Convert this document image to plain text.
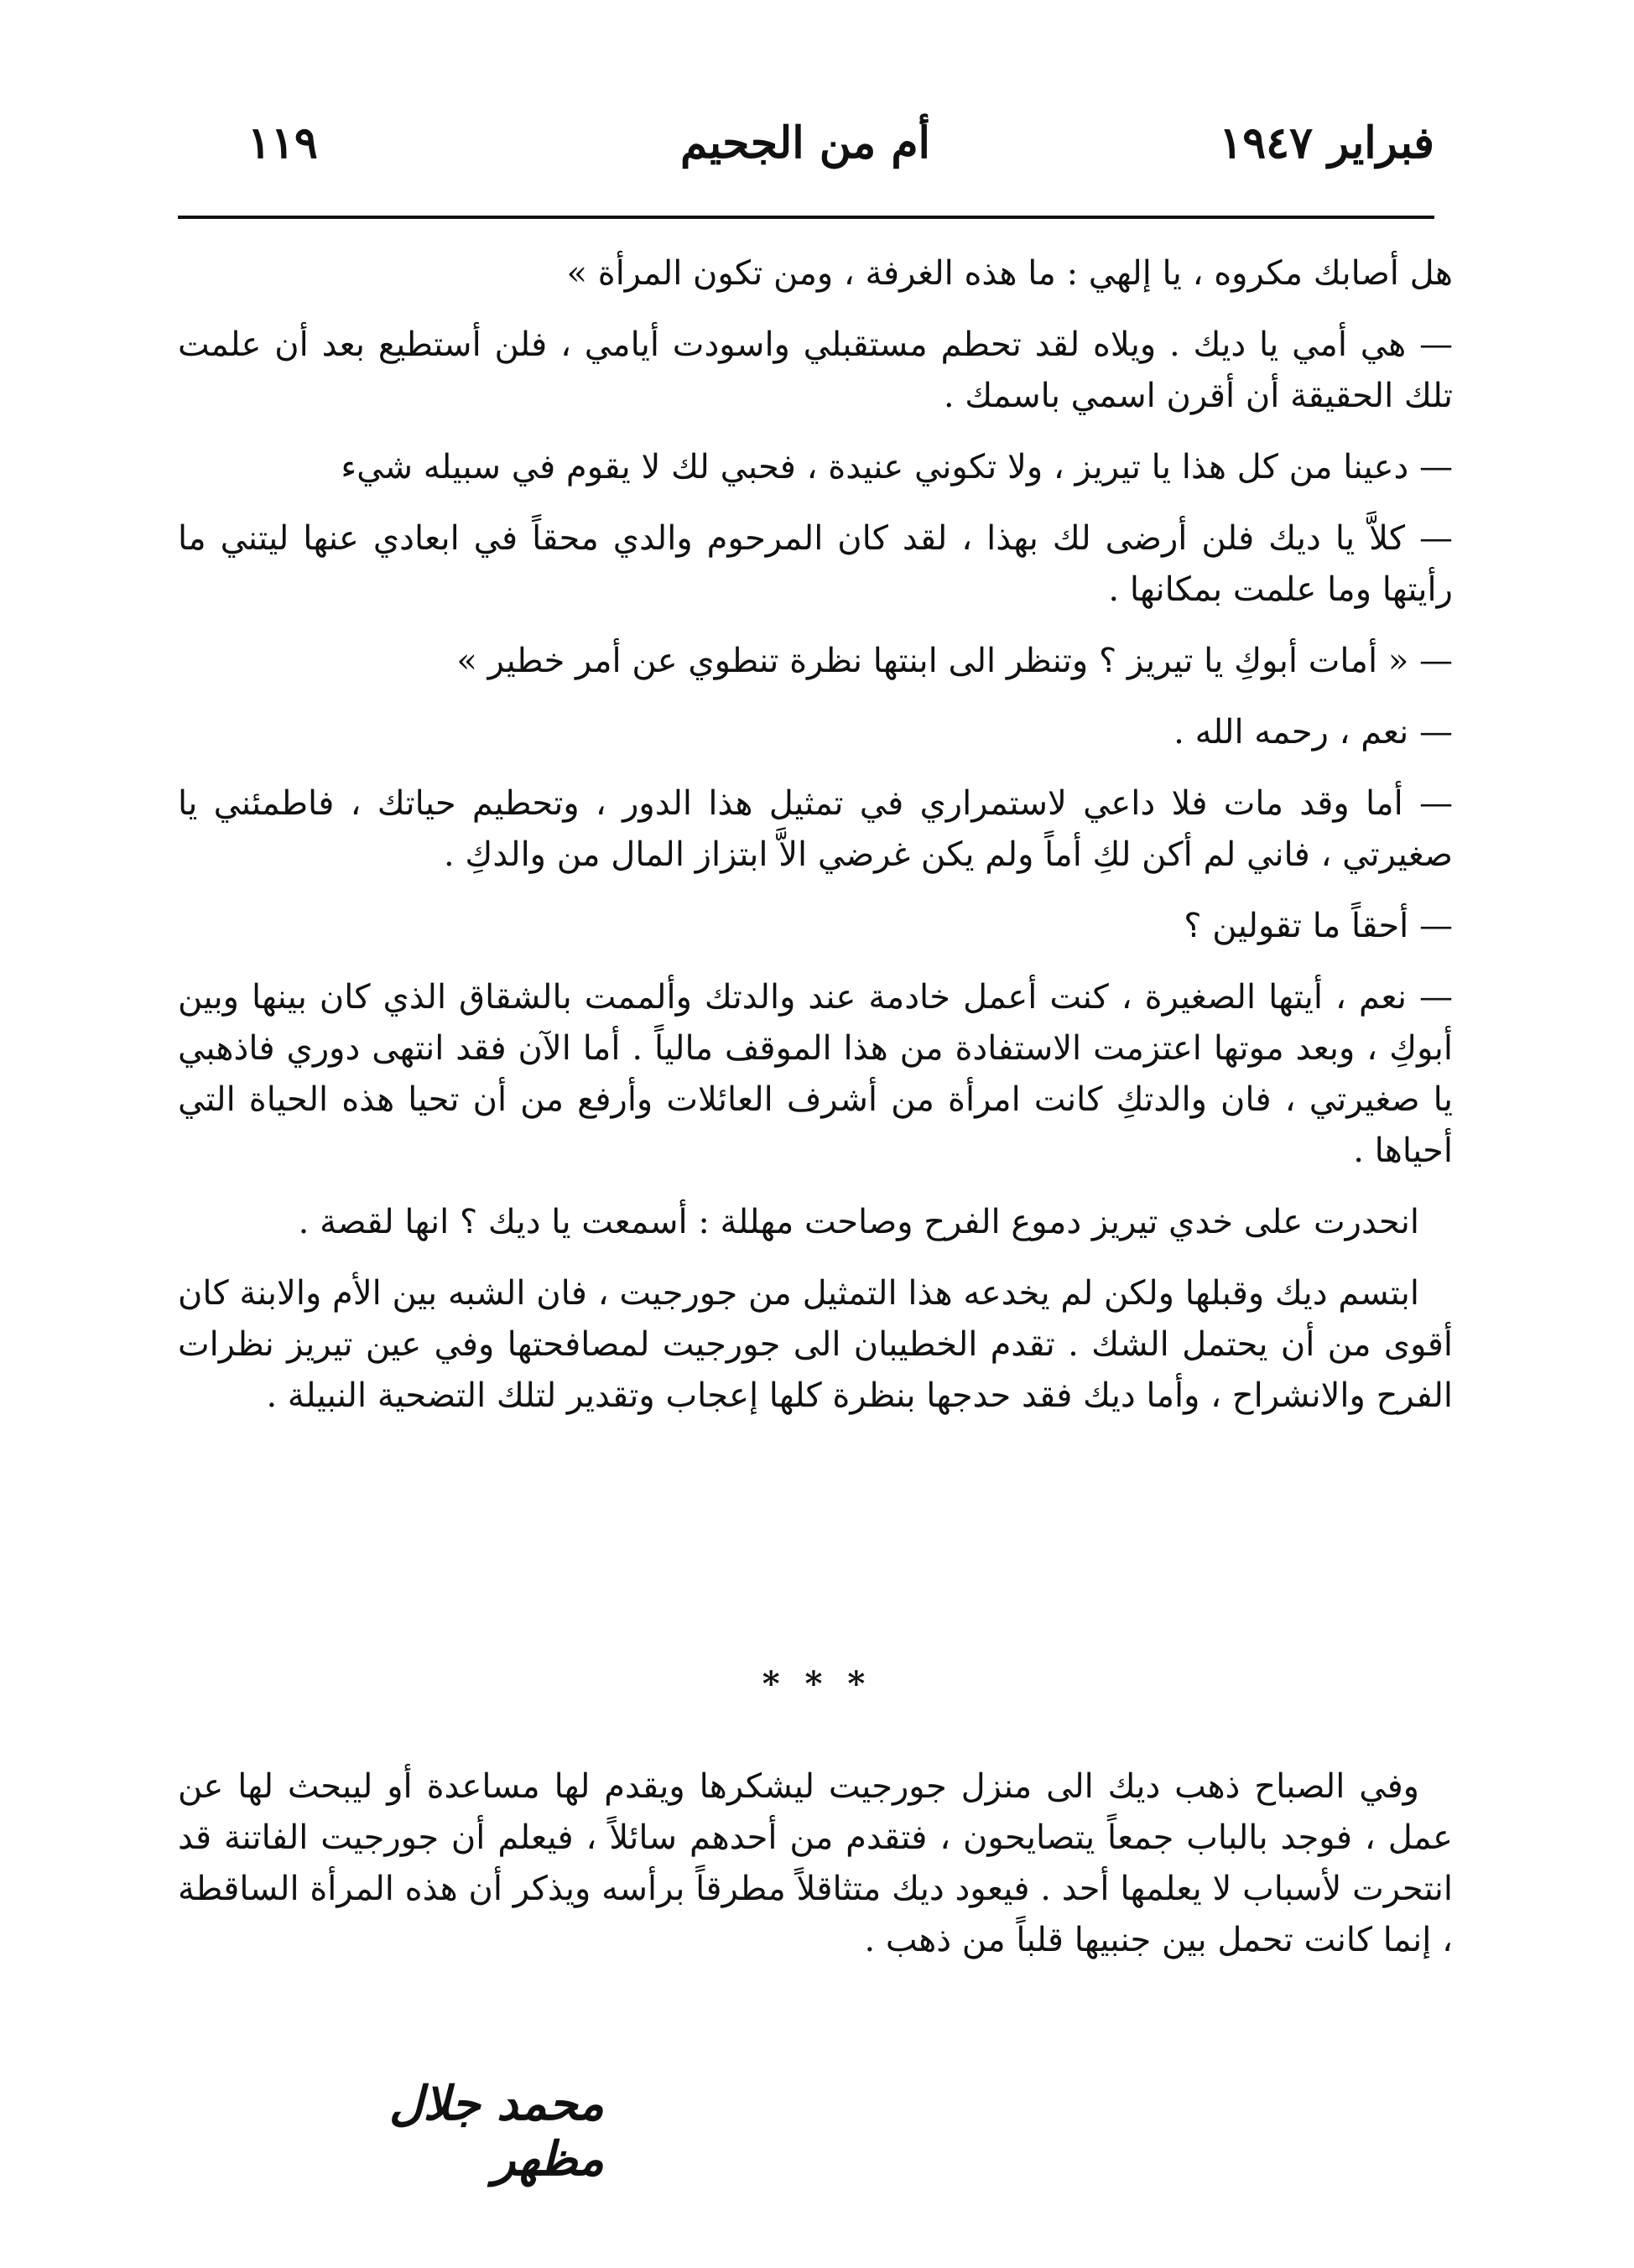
فبراير ١٩٤٧
أم من الجحيم
١١٩

هل أصابك مكروه ، يا إلهي : ما هذه الغرفة ، ومن تكون المرأة »

— هي أمي يا ديك . ويلاه لقد تحطم مستقبلي واسودت أيامي ، فلن أستطيع بعد أن علمت تلك الحقيقة أن أقرن اسمي باسمك .

— دعينا من كل هذا يا تيريز ، ولا تكوني عنيدة ، فحبي لك لا يقوم في سبيله شيء

— كلاَّ يا ديك فلن أرضى لك بهذا ، لقد كان المرحوم والدي محقاً في ابعادي عنها ليتني ما رأيتها وما علمت بمكانها .

— « أمات أبوكِ يا تيريز ؟ وتنظر الى ابنتها نظرة تنطوي عن أمر خطير »

— نعم ، رحمه الله .

— أما وقد مات فلا داعي لاستمراري في تمثيل هذا الدور ، وتحطيم حياتك ، فاطمئني يا صغيرتي ، فاني لم أكن لكِ أماً ولم يكن غرضي الاَّ ابتزاز المال من والدكِ .

— أحقاً ما تقولين ؟

— نعم ، أيتها الصغيرة ، كنت أعمل خادمة عند والدتك وألممت بالشقاق الذي كان بينها وبين أبوكِ ، وبعد موتها اعتزمت الاستفادة من هذا الموقف مالياً . أما الآن فقد انتهى دوري فاذهبي يا صغيرتي ، فان والدتكِ كانت امرأة من أشرف العائلات وأرفع من أن تحيا هذه الحياة التي أحياها .

انحدرت على خدي تيريز دموع الفرح وصاحت مهللة : أسمعت يا ديك ؟ انها لقصة .

ابتسم ديك وقبلها ولكن لم يخدعه هذا التمثيل من جورجيت ، فان الشبه بين الأم والابنة كان أقوى من أن يحتمل الشك . تقدم الخطيبان الى جورجيت لمصافحتها وفي عين تيريز نظرات الفرح والانشراح ، وأما ديك فقد حدجها بنظرة كلها إعجاب وتقدير لتلك التضحية النبيلة .

* * *

وفي الصباح ذهب ديك الى منزل جورجيت ليشكرها ويقدم لها مساعدة أو ليبحث لها عن عمل ، فوجد بالباب جمعاً يتصايحون ، فتقدم من أحدهم سائلاً ، فيعلم أن جورجيت الفاتنة قد انتحرت لأسباب لا يعلمها أحد . فيعود ديك متثاقلاً مطرقاً برأسه ويذكر أن هذه المرأة الساقطة ، إنما كانت تحمل بين جنبيها قلباً من ذهب .

محمد جلال مظهر
